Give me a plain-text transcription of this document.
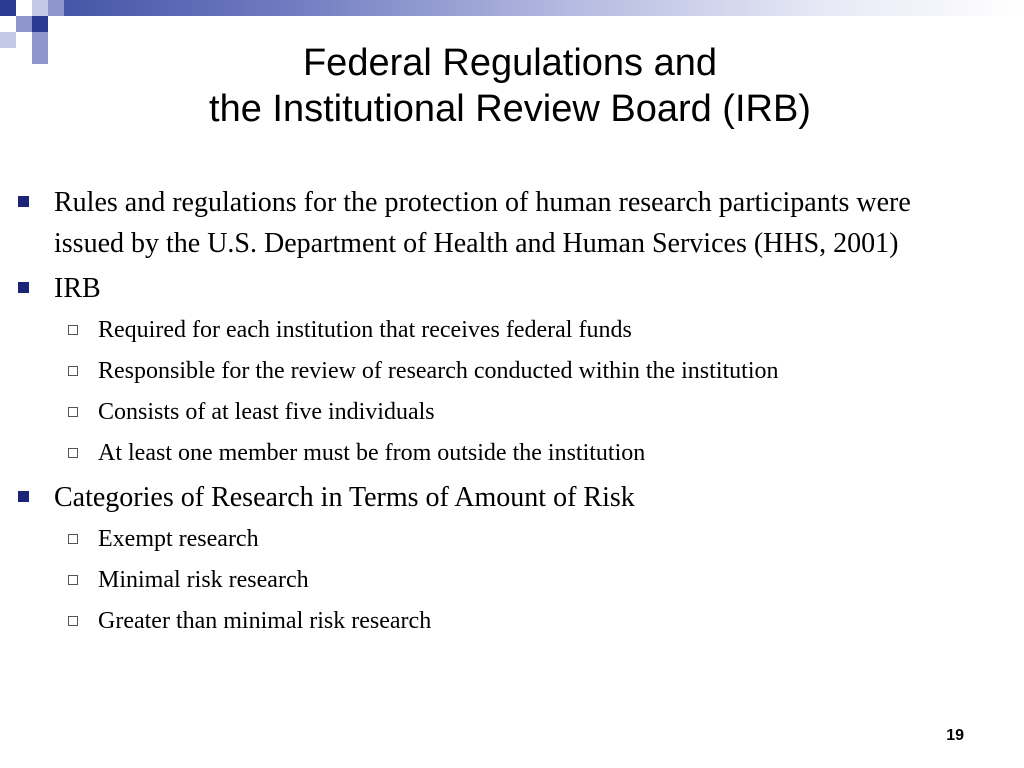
Federal Regulations and
the Institutional Review Board (IRB)
Rules and regulations for the protection of human research participants were issued by the U.S. Department of Health and Human Services (HHS, 2001)
IRB
Required for each institution that receives federal funds
Responsible for the review of research conducted within the institution
Consists of at least five individuals
At least one member must be from outside the institution
Categories of Research in Terms of Amount of Risk
Exempt research
Minimal risk research
Greater than minimal risk research
19
